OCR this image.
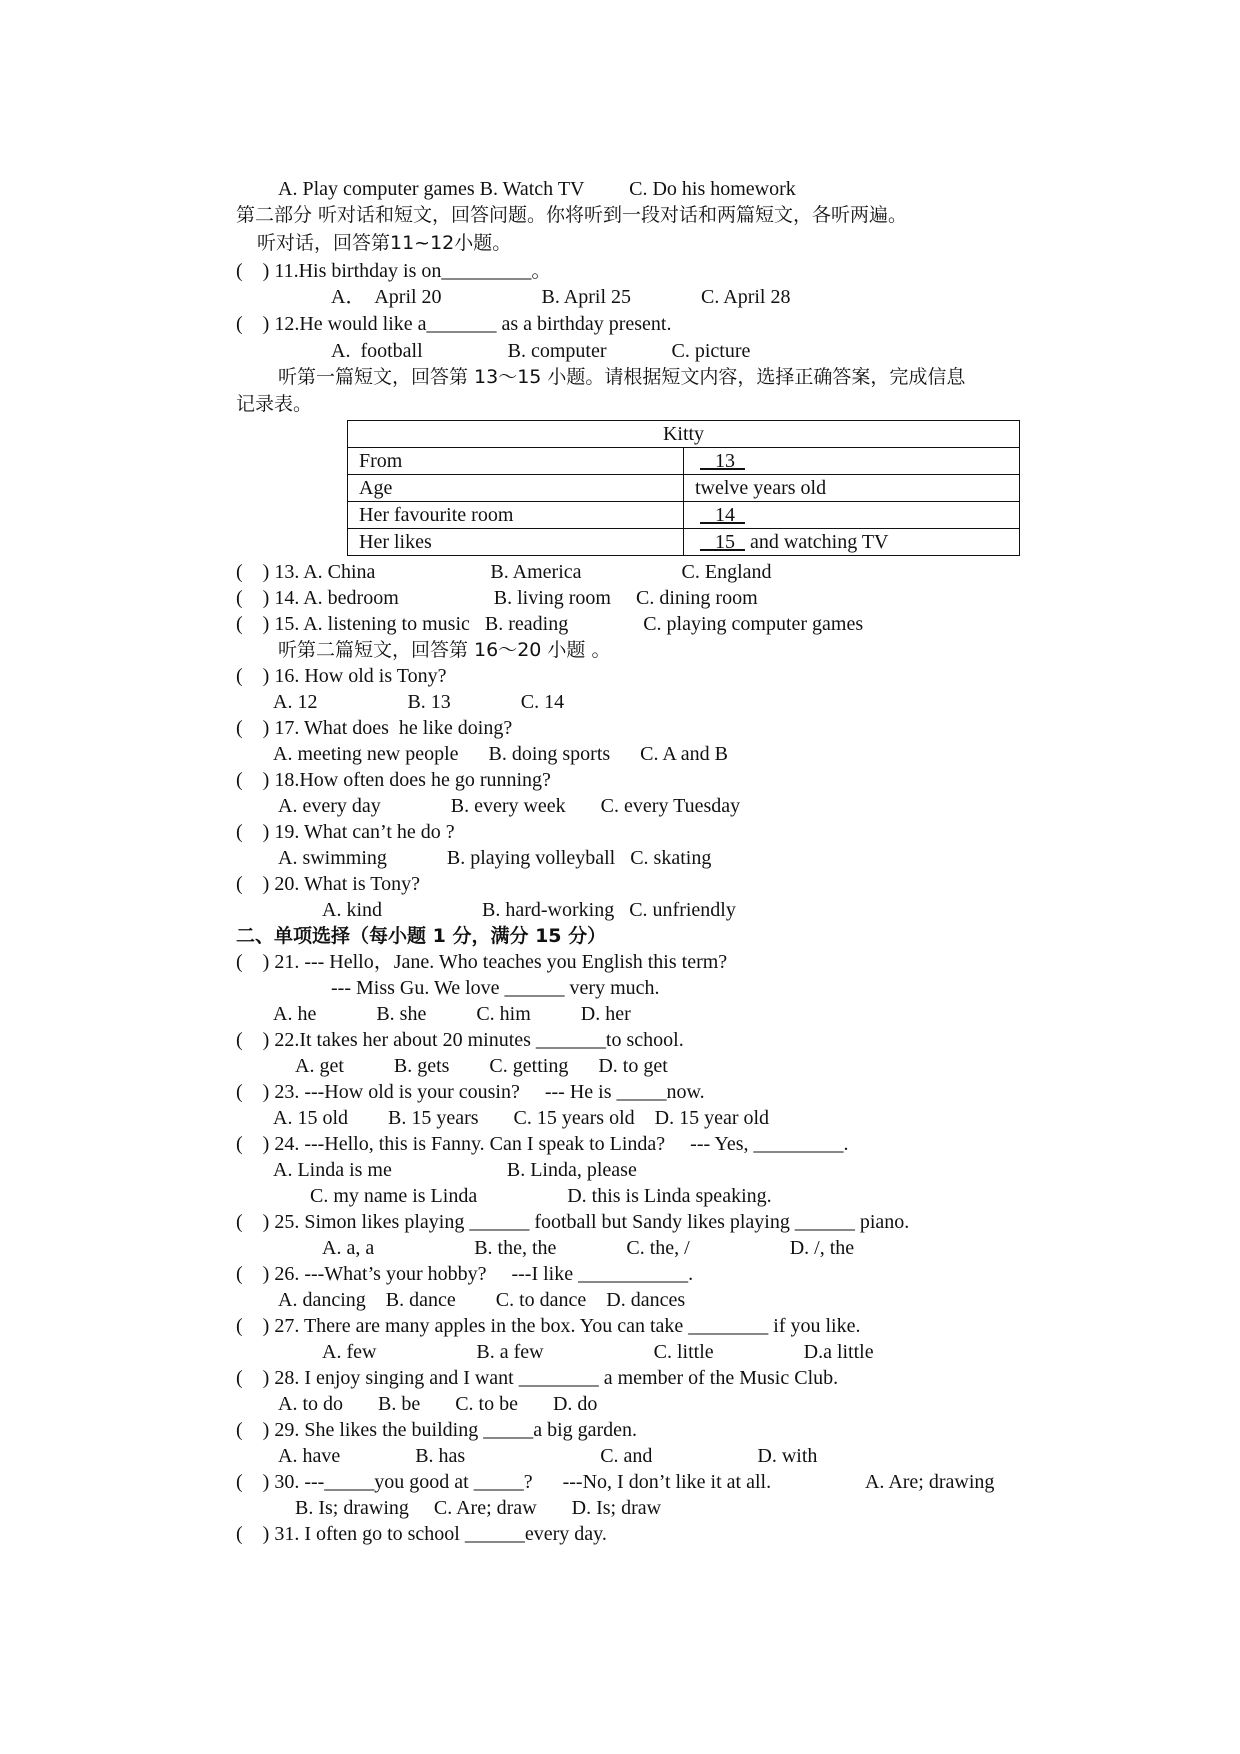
A. Play computer games B. Watch TV         C. Do his homework
第二部分 听对话和短文，回答问题。你将听到一段对话和两篇短文，各听两遍。
听对话，回答第11~12小题。
(    ) 11.His birthday is on_________。
A．  April 20                    B. April 25              C. April 28
(    ) 12.He would like a_______ as a birthday present.
A.  football                 B. computer             C. picture
听第一篇短文，回答第 13～15 小题。请根据短文内容，选择正确答案，完成信息
记录表。
Kitty	
From	13
Age	twelve years old
Her favourite room	14
Her likes	15   and watching TV
(    ) 13. A. China                       B. America                    C. England
(    ) 14. A. bedroom                   B. living room     C. dining room
(    ) 15. A. listening to music   B. reading               C. playing computer games
听第二篇短文，回答第 16～20 小题 。
(    ) 16. How old is Tony?
A. 12                  B. 13              C. 14
(    ) 17. What does  he like doing?
A. meeting new people      B. doing sports      C. A and B
(    ) 18.How often does he go running?
A. every day              B. every week       C. every Tuesday
(    ) 19. What can’t he do ?
A. swimming            B. playing volleyball   C. skating
(    ) 20. What is Tony?
A. kind                    B. hard-working   C. unfriendly
二、单项选择（每小题 1 分，满分 15 分）
(    ) 21. --- Hello，Jane. Who teaches you English this term?
--- Miss Gu. We love ______ very much.
A. he            B. she          C. him          D. her
(    ) 22.It takes her about 20 minutes _______to school.
A. get          B. gets        C. getting      D. to get
(    ) 23. ---How old is your cousin?     --- He is _____now.
A. 15 old        B. 15 years       C. 15 years old    D. 15 year old
(    ) 24. ---Hello, this is Fanny. Can I speak to Linda?     --- Yes, _________.
A. Linda is me                       B. Linda, please
C. my name is Linda                  D. this is Linda speaking.
(    ) 25. Simon likes playing ______ football but Sandy likes playing ______ piano.
A. a, a                    B. the, the              C. the, /                    D. /, the
(    ) 26. ---What’s your hobby?     ---I like ___________.
A. dancing    B. dance        C. to dance    D. dances
(    ) 27. There are many apples in the box. You can take ________ if you like.
A. few                    B. a few                      C. little                  D.a little
(    ) 28. I enjoy singing and I want ________ a member of the Music Club.
A. to do       B. be       C. to be       D. do
(    ) 29. She likes the building _____a big garden.
A. have               B. has                           C. and                     D. with
(    ) 30. ---_____you good at _____?      ---No, I don’t like it at all.                   A. Are; drawing
B. Is; drawing     C. Are; draw       D. Is; draw
(    ) 31. I often go to school ______every day.
